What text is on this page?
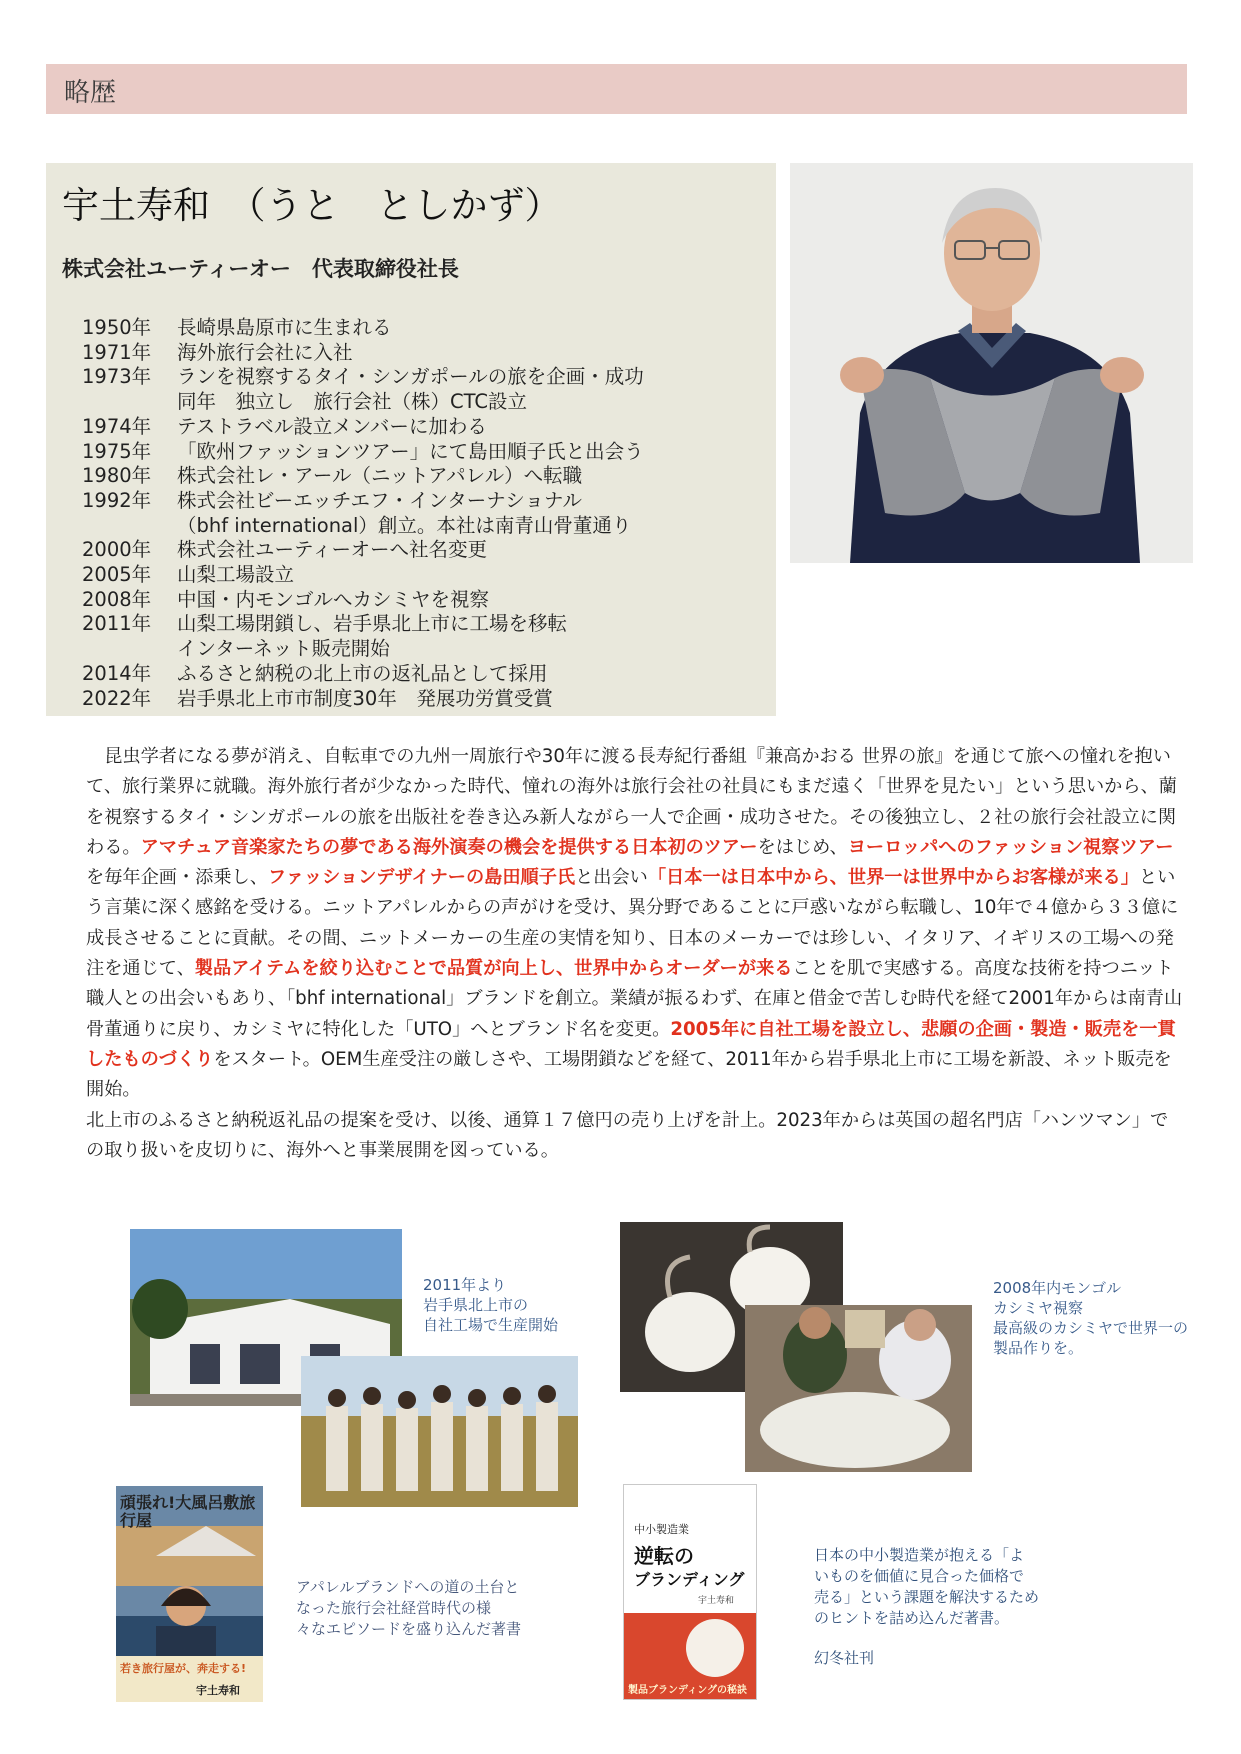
略歴
宇土寿和　（うと　としかず）
株式会社ユーティーオー　代表取締役社長
1950年	長崎県島原市に生まれる
1971年	海外旅行会社に入社
1973年	ランを視察するタイ・シンガポールの旅を企画・成功
同年　独立し　旅行会社（株）CTC設立
1974年	テストラベル設立メンバーに加わる
1975年	「欧州ファッションツアー」にて島田順子氏と出会う
1980年	株式会社レ・アール（ニットアパレル）へ転職
1992年	株式会社ビーエッチエフ・インターナショナル
（bhf international）創立。本社は南青山骨董通り
2000年	株式会社ユーティーオーへ社名変更
2005年	山梨工場設立
2008年	中国・内モンゴルへカシミヤを視察
2011年	山梨工場閉鎖し、岩手県北上市に工場を移転
インターネット販売開始
2014年	ふるさと納税の北上市の返礼品として採用
2022年	岩手県北上市市制度30年　発展功労賞受賞

　昆虫学者になる夢が消え、自転車での九州一周旅行や30年に渡る長寿紀行番組『兼高かおる 世界の旅』を通じて旅への憧れを抱いて、旅行業界に就職。海外旅行者が少なかった時代、憧れの海外は旅行会社の社員にもまだ遠く「世界を見たい」という思いから、蘭を視察するタイ・シンガポールの旅を出版社を巻き込み新人ながら一人で企画・成功させた。その後独立し、２社の旅行会社設立に関わる。アマチュア音楽家たちの夢である海外演奏の機会を提供する日本初のツアーをはじめ、ヨーロッパへのファッション視察ツアーを毎年企画・添乗し、ファッションデザイナーの島田順子氏と出会い「日本一は日本中から、世界一は世界中からお客様が来る」という言葉に深く感銘を受ける。ニットアパレルからの声がけを受け、異分野であることに戸惑いながら転職し、10年で４億から３３億に成長させることに貢献。その間、ニットメーカーの生産の実情を知り、日本のメーカーでは珍しい、イタリア、イギリスの工場への発注を通じて、製品アイテムを絞り込むことで品質が向上し、世界中からオーダーが来ることを肌で実感する。高度な技術を持つニット職人との出会いもあり、「bhf international」ブランドを創立。業績が振るわず、在庫と借金で苦しむ時代を経て2001年からは南青山骨董通りに戻り、カシミヤに特化した「UTO」へとブランド名を変更。2005年に自社工場を設立し、悲願の企画・製造・販売を一貫したものづくりをスタート。OEM生産受注の厳しさや、工場閉鎖などを経て、2011年から岩手県北上市に工場を新設、ネット販売を開始。

北上市のふるさと納税返礼品の提案を受け、以後、通算１７億円の売り上げを計上。2023年からは英国の超名門店「ハンツマン」での取り扱いを皮切りに、海外へと事業展開を図っている。

2011年より
岩手県北上市の
自社工場で生産開始
2008年内モンゴル
カシミヤ視察
最高級のカシミヤで世界一の
製品作りを。
頑張れ!大風呂敷旅行屋
若き旅行屋が、奔走する!
宇土寿和
アパレルブランドへの道の土台と
なった旅行会社経営時代の様
々なエピソードを盛り込んだ著書
中小製造業
逆転の
ブランディング
宇土寿和
製品ブランディングの秘訣
日本の中小製造業が抱える「よ
いものを価値に見合った価格で
売る」という課題を解決するため
のヒントを詰め込んだ著書。
幻冬社刊
